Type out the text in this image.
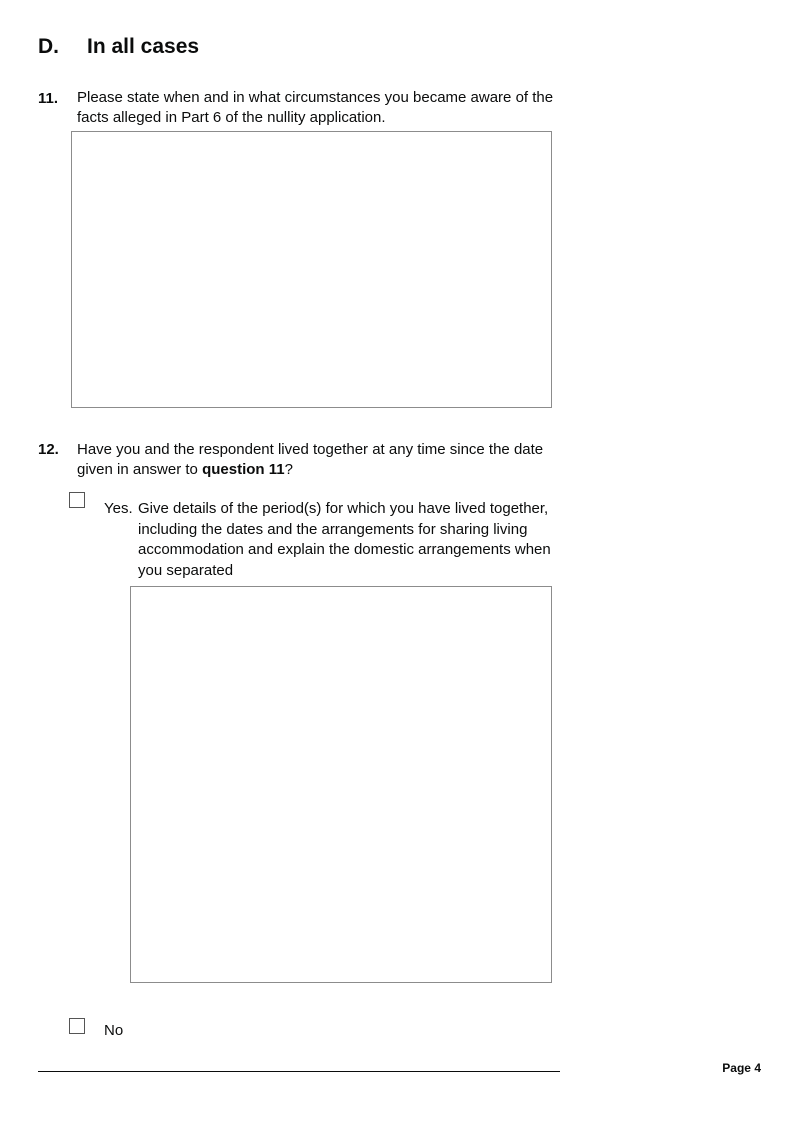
D. In all cases
11. Please state when and in what circumstances you became aware of the facts alleged in Part 6 of the nullity application.

12. Have you and the respondent lived together at any time since the date given in answer to question 11?

Yes. Give details of the period(s) for which you have lived together, including the dates and the arrangements for sharing living accommodation and explain the domestic arrangements when you separated
No
Page 4
